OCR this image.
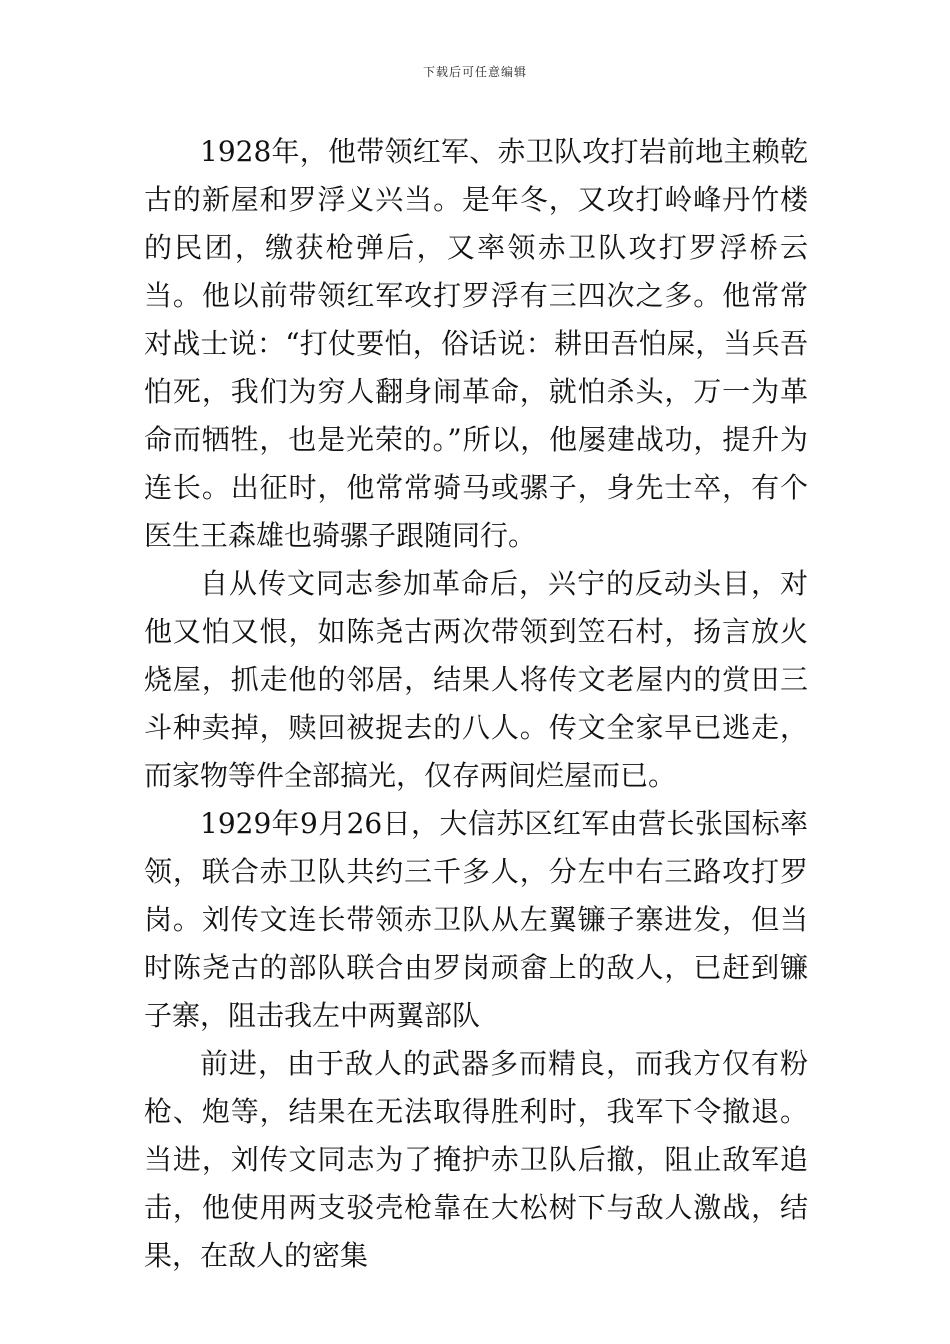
下载后可任意编辑

1928年，他带领红军、赤卫队攻打岩前地主赖乾古的新屋和罗浮义兴当。是年冬，又攻打岭峰丹竹楼的民团，缴获枪弹后，又率领赤卫队攻打罗浮桥云当。他以前带领红军攻打罗浮有三四次之多。他常常对战士说：“打仗要怕，俗话说：耕田吾怕屎，当兵吾怕死，我们为穷人翻身闹革命，就怕杀头，万一为革命而牺牲，也是光荣的。”所以，他屡建战功，提升为连长。出征时，他常常骑马或骡子，身先士卒，有个医生王森雄也骑骡子跟随同行。

自从传文同志参加革命后，兴宁的反动头目，对他又怕又恨，如陈尧古两次带领到笠石村，扬言放火烧屋，抓走他的邻居，结果人将传文老屋内的赏田三斗种卖掉，赎回被捉去的八人。传文全家早已逃走，而家物等件全部搞光，仅存两间烂屋而已。

1929年9月26日，大信苏区红军由营长张国标率领，联合赤卫队共约三千多人，分左中右三路攻打罗岗。刘传文连长带领赤卫队从左翼镰子寨进发，但当时陈尧古的部队联合由罗岗顽畲上的敌人，已赶到镰子寨，阻击我左中两翼部队

前进，由于敌人的武器多而精良，而我方仅有粉枪、炮等，结果在无法取得胜利时，我军下令撤退。当进，刘传文同志为了掩护赤卫队后撤，阻止敌军追击，他使用两支驳壳枪靠在大松树下与敌人激战，结果，在敌人的密集
